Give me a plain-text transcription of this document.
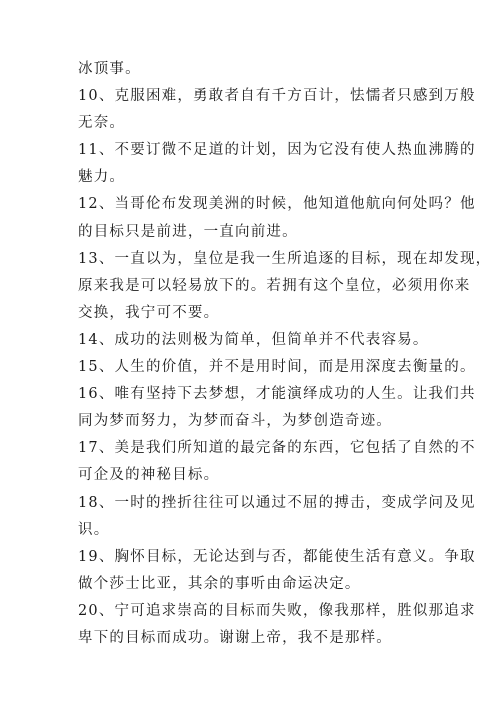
冰顶事。
10、克服困难，勇敢者自有千方百计，怯懦者只感到万般
无奈。
11、不要订微不足道的计划，因为它没有使人热血沸腾的
魅力。
12、当哥伦布发现美洲的时候，他知道他航向何处吗？他
的目标只是前进，一直向前进。
13、一直以为，皇位是我一生所追逐的目标，现在却发现，
原来我是可以轻易放下的。若拥有这个皇位，必须用你来
交换，我宁可不要。
14、成功的法则极为简单，但简单并不代表容易。
15、人生的价值，并不是用时间，而是用深度去衡量的。
16、唯有坚持下去梦想，才能演绎成功的人生。让我们共
同为梦而努力，为梦而奋斗，为梦创造奇迹。
17、美是我们所知道的最完备的东西，它包括了自然的不
可企及的神秘目标。
18、一时的挫折往往可以通过不屈的搏击，变成学问及见
识。
19、胸怀目标，无论达到与否，都能使生活有意义。争取
做个莎士比亚，其余的事听由命运决定。
20、宁可追求崇高的目标而失败，像我那样，胜似那追求
卑下的目标而成功。谢谢上帝，我不是那样。
